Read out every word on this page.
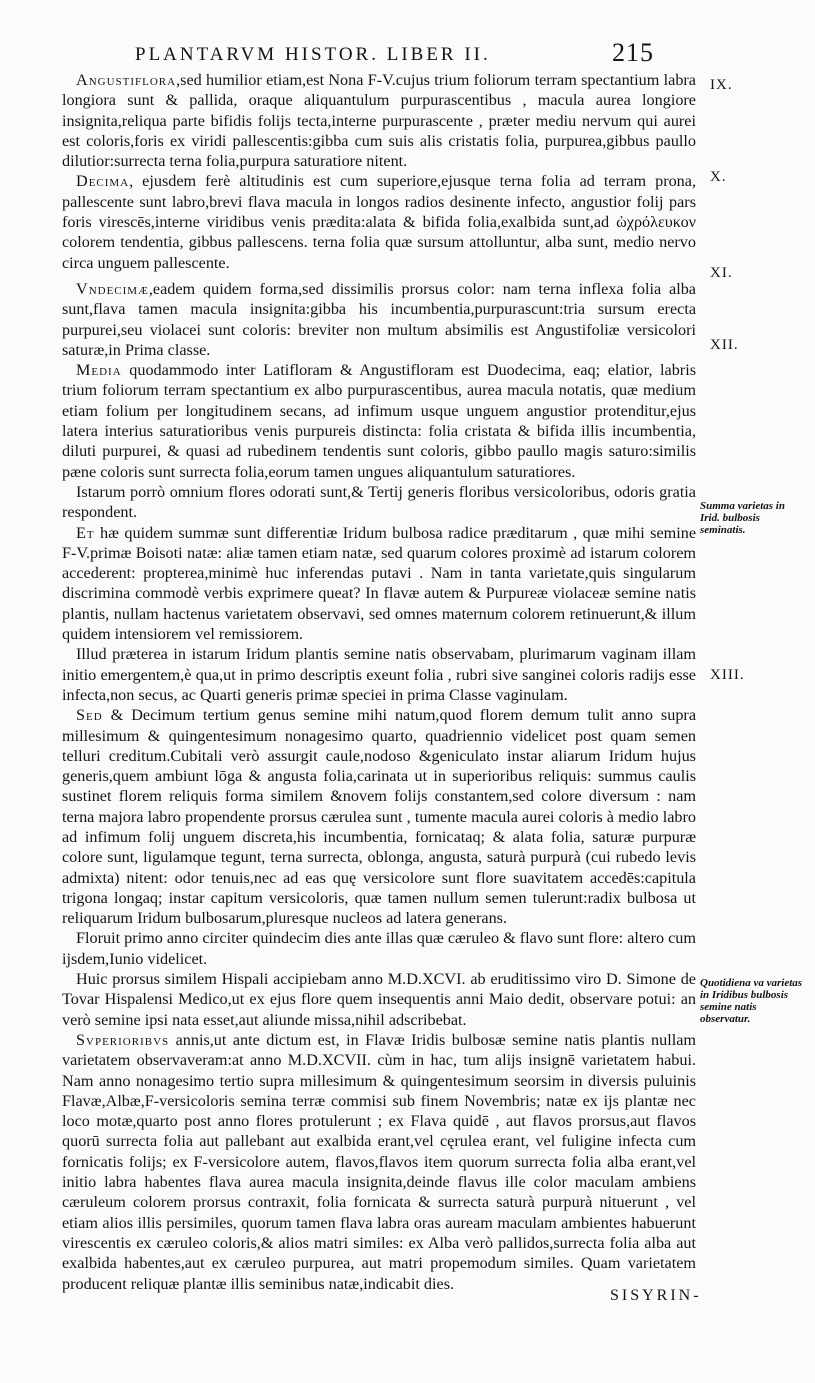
PLANTARVM HISTOR. LIBER II.	215

Angustiflora,sed humilior etiam,est Nona F-V.cujus trium foliorum terram spectantium labra longiora sunt & pallida, oraque aliquantulum purpurascentibus , macula aurea longiore insignita,reliqua parte bifidis folijs tecta,interne purpurascente , præter mediu nervum qui aurei est coloris,foris ex viridi pallescentis:gibba cum suis alis cristatis folia, purpurea,gibbus paullo dilutior:surrecta terna folia,purpura saturatiore nitent.

Decima, ejusdem ferè altitudinis est cum superiore,ejusque terna folia ad terram prona, pallescente sunt labro,brevi flava macula in longos radios desinente infecto, angustior folij pars foris virescēs,interne viridibus venis prædita:alata & bifida folia,exalbida sunt,ad ὠχρόλευκον colorem tendentia, gibbus pallescens. terna folia quæ sursum attolluntur, alba sunt, medio nervo circa unguem pallescente.

Vndecimæ,eadem quidem forma,sed dissimilis prorsus color: nam terna inflexa folia alba sunt,flava tamen macula insignita:gibba his incumbentia,purpurascunt:tria sursum erecta purpurei,seu violacei sunt coloris: breviter non multum absimilis est Angustifoliæ versicolori saturæ,in Prima classe.

Media quodammodo inter Latifloram & Angustifloram est Duodecima, eaq; elatior, labris trium foliorum terram spectantium ex albo purpurascentibus, aurea macula notatis, quæ medium etiam folium per longitudinem secans, ad infimum usque unguem angustior protenditur,ejus latera interius saturatioribus venis purpureis distincta: folia cristata & bifida illis incumbentia, diluti purpurei, & quasi ad rubedinem tendentis sunt coloris, gibbo paullo magis saturo:similis pæne coloris sunt surrecta folia,eorum tamen ungues aliquantulum saturatiores.

Istarum porrò omnium flores odorati sunt,& Tertij generis floribus versicoloribus, odoris gratia respondent.

Et hæ quidem summæ sunt differentiæ Iridum bulbosa radice præditarum , quæ mihi semine F-V.primæ Boisoti natæ: aliæ tamen etiam natæ, sed quarum colores proximè ad istarum colorem accederent: propterea,minimè huc inferendas putavi . Nam in tanta varietate,quis singularum discrimina commodè verbis exprimere queat? In flavæ autem & Purpureæ violaceæ semine natis plantis, nullam hactenus varietatem observavi, sed omnes maternum colorem retinuerunt,& illum quidem intensiorem vel remissiorem.

Illud præterea in istarum Iridum plantis semine natis observabam, plurimarum vaginam illam initio emergentem,è qua,ut in primo descriptis exeunt folia , rubri sive sanginei coloris radijs esse infecta,non secus, ac Quarti generis primæ speciei in prima Classe vaginulam.

Sed & Decimum tertium genus semine mihi natum,quod florem demum tulit anno supra millesimum & quingentesimum nonagesimo quarto, quadriennio videlicet post quam semen telluri creditum.Cubitali verò assurgit caule,nodoso &geniculato instar aliarum Iridum hujus generis,quem ambiunt lōga & angusta folia,carinata ut in superioribus reliquis: summus caulis sustinet florem reliquis forma similem &novem folijs constantem,sed colore diversum : nam terna majora labro propendente prorsus cærulea sunt , tumente macula aurei coloris à medio labro ad infimum folij unguem discreta,his incumbentia, fornicataq; & alata folia, saturæ purpuræ colore sunt, ligulamque tegunt, terna surrecta, oblonga, angusta, saturà purpurà (cui rubedo levis admixta) nitent: odor tenuis,nec ad eas quę versicolore sunt flore suavitatem accedēs:capitula trigona longaq; instar capitum versicoloris, quæ tamen nullum semen tulerunt:radix bulbosa ut reliquarum Iridum bulbosarum,pluresque nucleos ad latera generans.

Floruit primo anno circiter quindecim dies ante illas quæ cæruleo & flavo sunt flore: altero cum ijsdem,Iunio videlicet.

Huic prorsus similem Hispali accipiebam anno M.D.XCVI. ab eruditissimo viro D. Simone de Tovar Hispalensi Medico,ut ex ejus flore quem insequentis anni Maio dedit, observare potui: an verò semine ipsi nata esset,aut aliunde missa,nihil adscribebat.

Svperioribvs annis,ut ante dictum est, in Flavæ Iridis bulbosæ semine natis plantis nullam varietatem observaveram:at anno M.D.XCVII. cùm in hac, tum alijs insignē varietatem habui. Nam anno nonagesimo tertio supra millesimum & quingentesimum seorsim in diversis puluinis Flavæ,Albæ,F-versicoloris semina terræ commisi sub finem Novembris; natæ ex ijs plantæ nec loco motæ,quarto post anno flores protulerunt ; ex Flava quidē , aut flavos prorsus,aut flavos quorū surrecta folia aut pallebant aut exalbida erant,vel cęrulea erant, vel fuligine infecta cum fornicatis folijs; ex F-versicolore autem, flavos,flavos item quorum surrecta folia alba erant,vel initio labra habentes flava aurea macula insignita,deinde flavus ille color maculam ambiens cæruleum colorem prorsus contraxit, folia fornicata & surrecta saturà purpurà nituerunt , vel etiam alios illis persimiles, quorum tamen flava labra oras auream maculam ambientes habuerunt virescentis ex cæruleo coloris,& alios matri similes: ex Alba verò pallidos,surrecta folia alba aut exalbida habentes,aut ex cæruleo purpurea, aut matri propemodum similes. Quam varietatem producent reliquæ plantæ illis seminibus natæ,indicabit dies.

IX.
X.
XI.
XII.
Summa varietas in Irid. bulbosis seminatis.
XIII.
Quotidiena va varietas in Iridibus bulbosis semine natis observatur.
SISYRIN-
